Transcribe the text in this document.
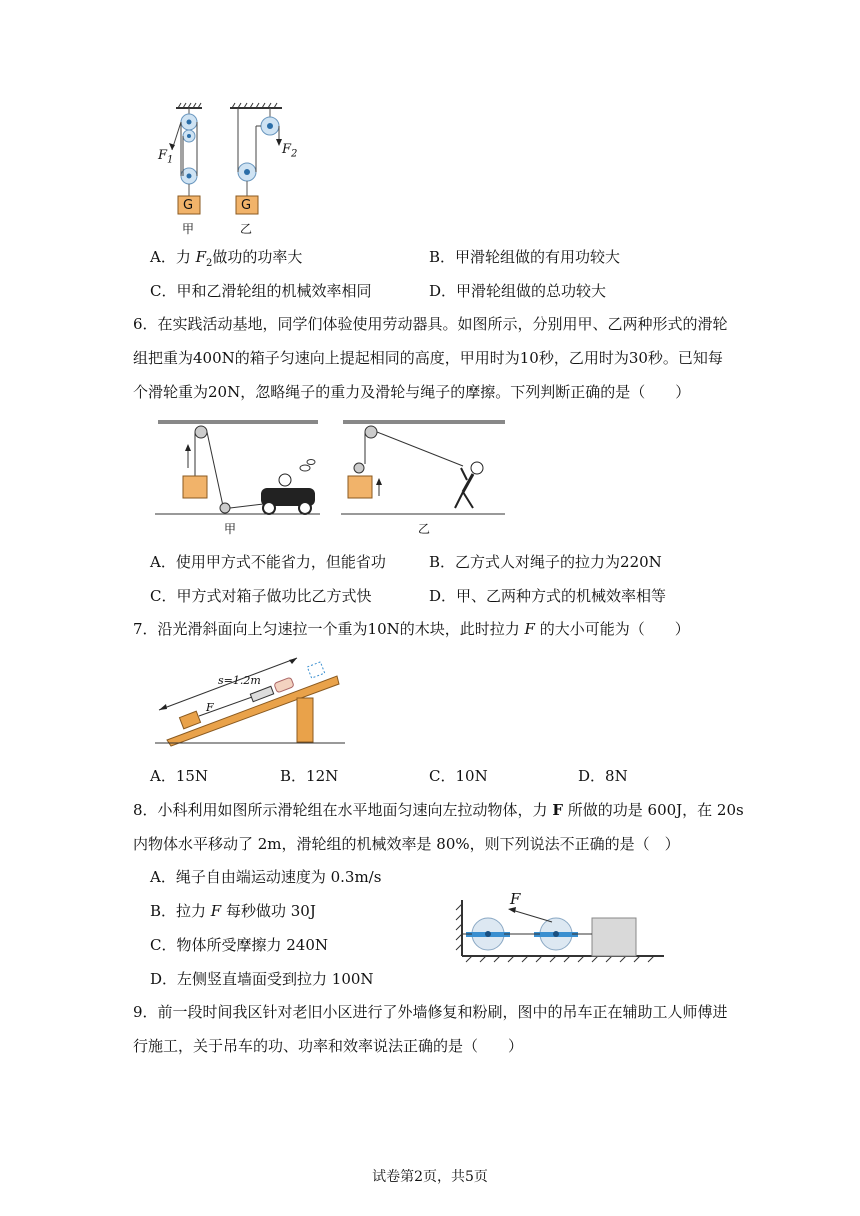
$F_1$
$F_2$
G	G
甲	乙
A．力 $F_2$做功的功率大	B．甲滑轮组做的有用功较大
C．甲和乙滑轮组的机械效率相同	D．甲滑轮组做的总功较大
6．在实践活动基地，同学们体验使用劳动器具。如图所示，分别用甲、乙两种形式的滑轮
组把重为400N的箱子匀速向上提起相同的高度，甲用时为10秒，乙用时为30秒。已知每
个滑轮重为20N，忽略绳子的重力及滑轮与绳子的摩擦。下列判断正确的是（　　）
甲	乙
A．使用甲方式不能省力，但能省功	B．乙方式人对绳子的拉力为220N
C．甲方式对箱子做功比乙方式快	D．甲、乙两种方式的机械效率相等
7．沿光滑斜面向上匀速拉一个重为10N的木块，此时拉力 F 的大小可能为（　　）
s=1.2m
F
A．15N	B．12N	C．10N	D．8N
8．小科利用如图所示滑轮组在水平地面匀速向左拉动物体，力 F 所做的功是 600J，在 20s
内物体水平移动了 2m，滑轮组的机械效率是 80%，则下列说法不正确的是（　）
A．绳子自由端运动速度为 0.3m/s
B．拉力 F 每秒做功 30J
C．物体所受摩擦力 240N
D．左侧竖直墙面受到拉力 100N
F
9．前一段时间我区针对老旧小区进行了外墙修复和粉刷，图中的吊车正在辅助工人师傅进
行施工，关于吊车的功、功率和效率说法正确的是（　　）
试卷第2页，共5页
